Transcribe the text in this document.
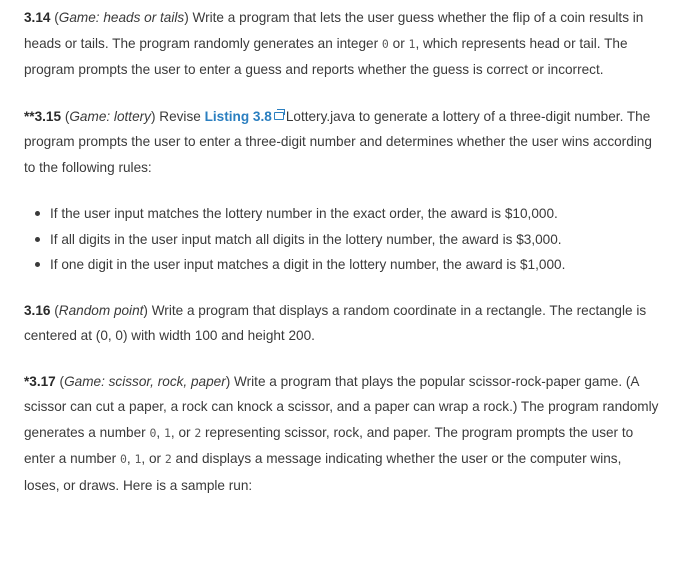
3.14 (Game: heads or tails) Write a program that lets the user guess whether the flip of a coin results in heads or tails. The program randomly generates an integer 0 or 1, which represents head or tail. The program prompts the user to enter a guess and reports whether the guess is correct or incorrect.

**3.15 (Game: lottery) Revise Listing 3.8 Lottery.java to generate a lottery of a three-digit number. The program prompts the user to enter a three-digit number and determines whether the user wins according to the following rules:

If the user input matches the lottery number in the exact order, the award is $10,000.
If all digits in the user input match all digits in the lottery number, the award is $3,000.
If one digit in the user input matches a digit in the lottery number, the award is $1,000.

3.16 (Random point) Write a program that displays a random coordinate in a rectangle. The rectangle is centered at (0, 0) with width 100 and height 200.

*3.17 (Game: scissor, rock, paper) Write a program that plays the popular scissor-rock-paper game. (A scissor can cut a paper, a rock can knock a scissor, and a paper can wrap a rock.) The program randomly generates a number 0, 1, or 2 representing scissor, rock, and paper. The program prompts the user to enter a number 0, 1, or 2 and displays a message indicating whether the user or the computer wins, loses, or draws. Here is a sample run:
